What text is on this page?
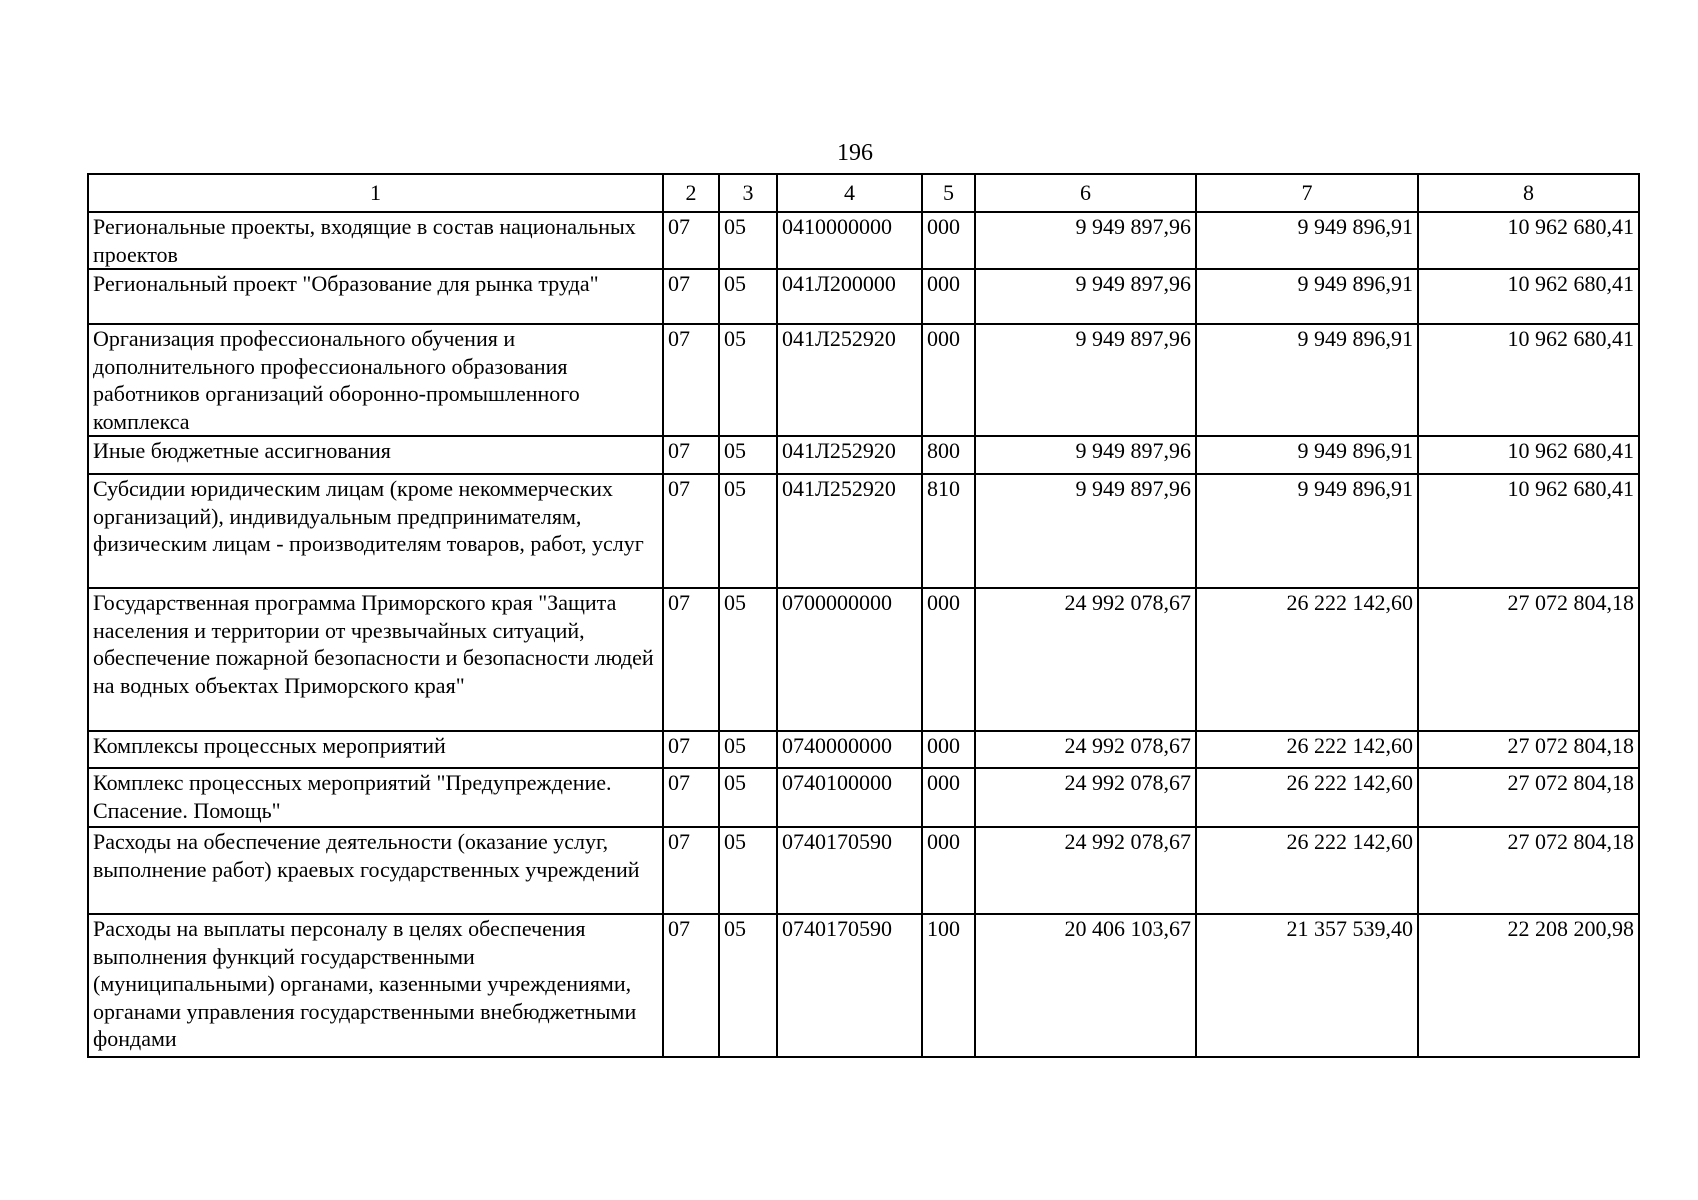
196
1	2	3	4	5	6	7	8
Региональные проекты, входящие в состав национальных проектов	07	05	0410000000	000	9 949 897,96	9 949 896,91	10 962 680,41
Региональный проект "Образование для рынка труда"	07	05	041Л200000	000	9 949 897,96	9 949 896,91	10 962 680,41
Организация профессионального обучения и дополнительного профессионального образования работников организаций оборонно-промышленного комплекса	07	05	041Л252920	000	9 949 897,96	9 949 896,91	10 962 680,41
Иные бюджетные ассигнования	07	05	041Л252920	800	9 949 897,96	9 949 896,91	10 962 680,41
Субсидии юридическим лицам (кроме некоммерческих организаций), индивидуальным предпринимателям, физическим лицам - производителям товаров, работ, услуг	07	05	041Л252920	810	9 949 897,96	9 949 896,91	10 962 680,41
Государственная программа Приморского края "Защита населения и территории от чрезвычайных ситуаций, обеспечение пожарной безопасности и безопасности людей на водных объектах Приморского края"	07	05	0700000000	000	24 992 078,67	26 222 142,60	27 072 804,18
Комплексы процессных мероприятий	07	05	0740000000	000	24 992 078,67	26 222 142,60	27 072 804,18
Комплекс процессных мероприятий "Предупреждение. Спасение. Помощь"	07	05	0740100000	000	24 992 078,67	26 222 142,60	27 072 804,18
Расходы на обеспечение деятельности (оказание услуг, выполнение работ) краевых государственных учреждений	07	05	0740170590	000	24 992 078,67	26 222 142,60	27 072 804,18
Расходы на выплаты персоналу в целях обеспечения выполнения функций государственными (муниципальными) органами, казенными учреждениями, органами управления государственными внебюджетными фондами	07	05	0740170590	100	20 406 103,67	21 357 539,40	22 208 200,98
